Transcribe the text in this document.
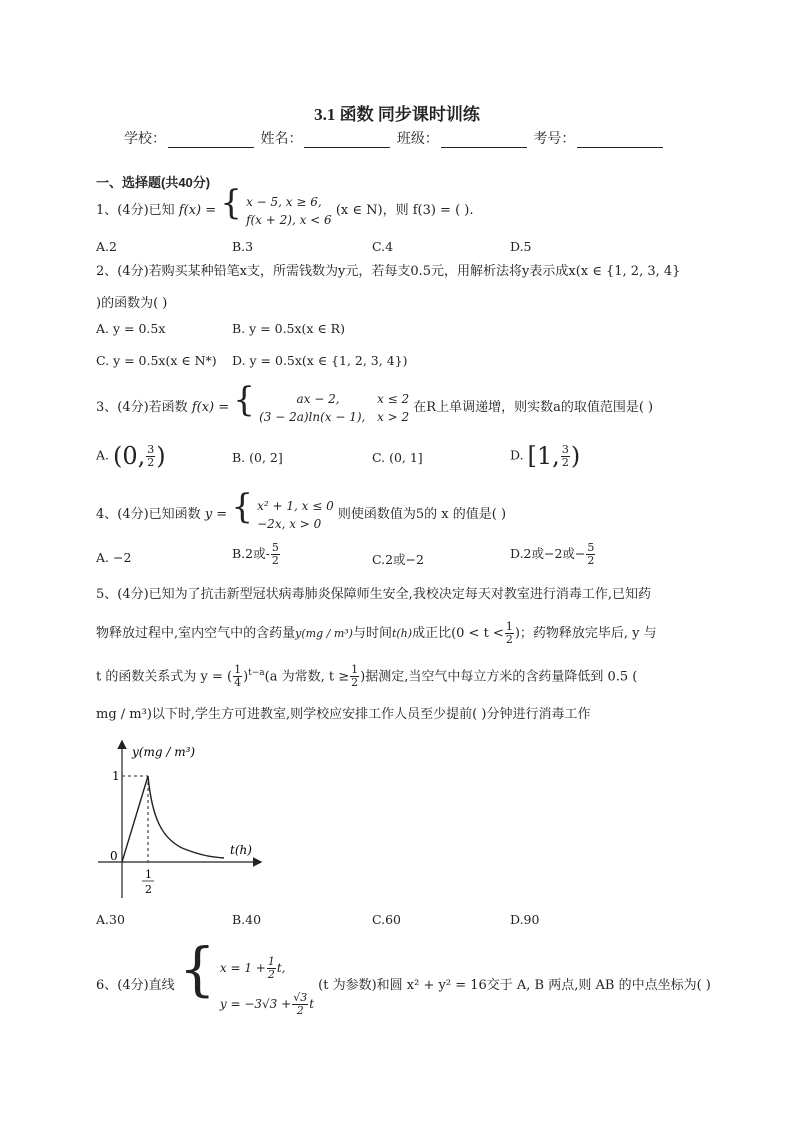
3.1 函数 同步课时训练
学校：	姓名：	班级：	考号：
一、选择题(共40分)
1、(4分)已知 f(x) = { x − 5, x ≥ 6,
f(x + 2), x < 6
(x ∈ N)，则 f(3) = ( ).
A.2	B.3	C.4	D.5
2、(4分)若购买某种铅笔x支，所需钱数为y元，若每支0.5元，用解析法将y表示成x(x ∈ {1, 2, 3, 4}
)的函数为( )
A. y = 0.5x	B. y = 0.5x(x ∈ R)
C. y = 0.5x(x ∈ N*) D. y = 0.5x(x ∈ {1, 2, 3, 4})
3、(4分)若函数 f(x) = {	ax − 2,	x ≤ 2
(3 − 2a)ln(x − 1), x > 2
在R上单调递增，则实数a的取值范围是( )
A. (0, $\frac{3}{2}$ )	B. (0, 2]	C. (0, 1]	D. [1, $\frac{3}{2}$ )
4、(4分)已知函数 y = { x² + 1, x ≤ 0
−2x, x > 0
则使函数值为5的 x 的值是( )
A. −2	B.2或- $\frac{5}{2}$	C.2或−2	D.2或−2或− $\frac{5}{2}$
5、(4分)已知为了抗击新型冠状病毒肺炎保障师生安全,我校决定每天对教室进行消毒工作,已知药
物释放过程中,室内空气中的含药量y(mg / m³)与时间t(h)成正比($0 < t < \frac{1}{2}$ )；药物释放完毕后, y 与
t 的函数关系式为 y = ( $\frac{1}{4} )^{t-a}(a$ 为常数, $t \ge \frac{1}{2}$ )据测定,当空气中每立方米的含药量降低到 0.5 (
mg / m³)以下时,学生方可进教室,则学校应安排工作人员至少提前( )分钟进行消毒工作
y(mg / m³)
t(h)
1
0
1
2
A.30	B.40	C.60	D.90
6、(4分)直线 { $x = 1 + \frac{1}{2} t$,
$y = -3√3 + \frac{√3}{2}$ t
(t 为参数)和圆 x² + y² = 16交于 A, B 两点,则 AB 的中点坐标为( )
